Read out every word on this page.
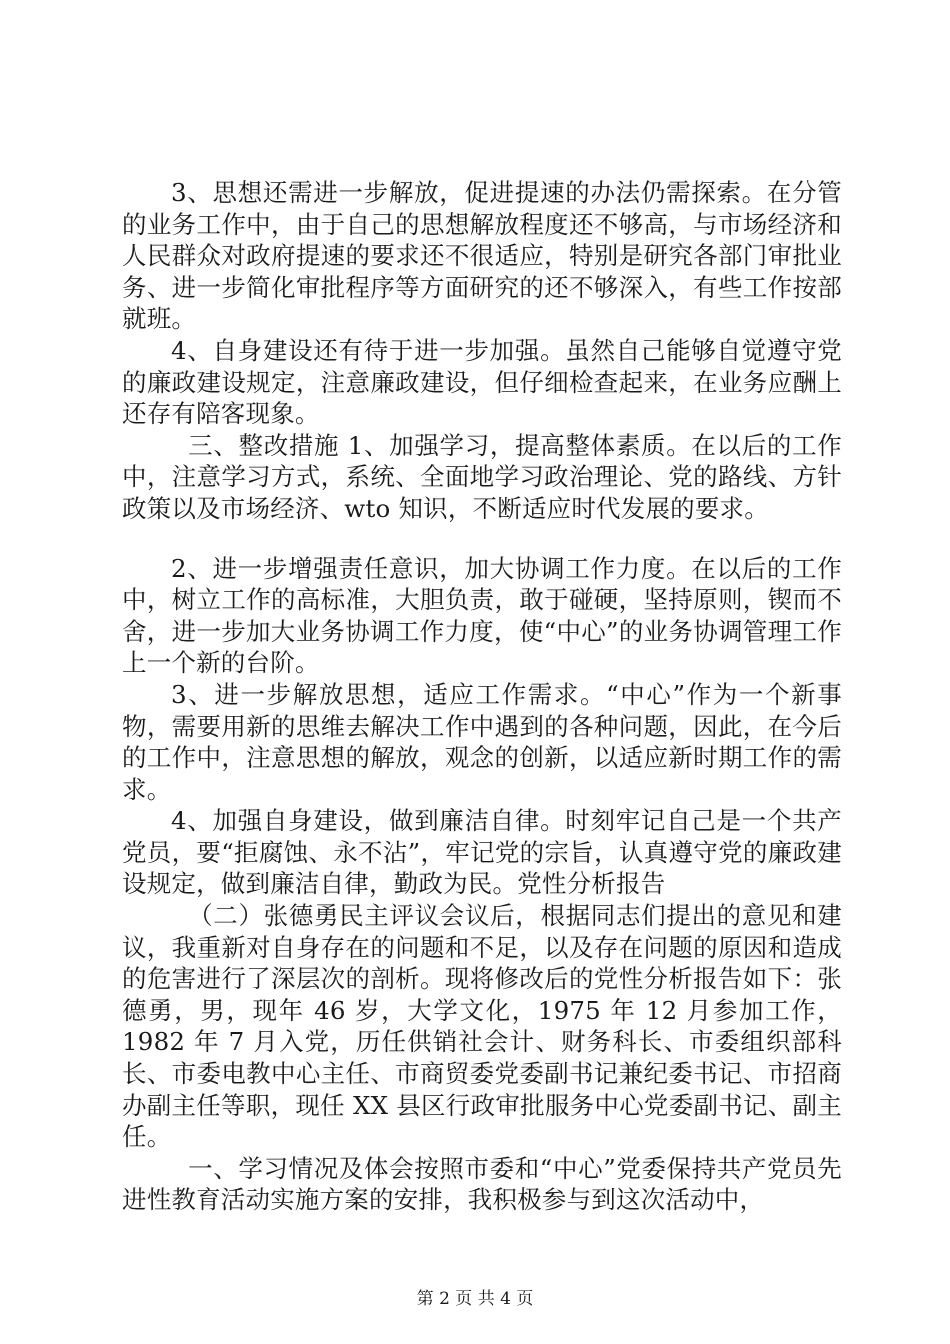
3、思想还需进一步解放，促进提速的办法仍需探索。在分管的业务工作中，由于自己的思想解放程度还不够高，与市场经济和人民群众对政府提速的要求还不很适应，特别是研究各部门审批业务、进一步简化审批程序等方面研究的还不够深入，有些工作按部就班。

4、自身建设还有待于进一步加强。虽然自己能够自觉遵守党的廉政建设规定，注意廉政建设，但仔细检查起来，在业务应酬上还存有陪客现象。

三、整改措施 1、加强学习，提高整体素质。在以后的工作中，注意学习方式，系统、全面地学习政治理论、党的路线、方针政策以及市场经济、wto 知识，不断适应时代发展的要求。

2、进一步增强责任意识，加大协调工作力度。在以后的工作中，树立工作的高标准，大胆负责，敢于碰硬，坚持原则，锲而不舍，进一步加大业务协调工作力度，使“中心”的业务协调管理工作上一个新的台阶。

3、进一步解放思想，适应工作需求。“中心”作为一个新事物，需要用新的思维去解决工作中遇到的各种问题，因此，在今后的工作中，注意思想的解放，观念的创新，以适应新时期工作的需求。

4、加强自身建设，做到廉洁自律。时刻牢记自己是一个共产党员，要“拒腐蚀、永不沾”，牢记党的宗旨，认真遵守党的廉政建设规定，做到廉洁自律，勤政为民。党性分析报告

（二）张德勇民主评议会议后，根据同志们提出的意见和建议，我重新对自身存在的问题和不足，以及存在问题的原因和造成的危害进行了深层次的剖析。现将修改后的党性分析报告如下：张德勇，男，现年 46 岁，大学文化，1975 年 12 月参加工作，1982 年 7 月入党，历任供销社会计、财务科长、市委组织部科长、市委电教中心主任、市商贸委党委副书记兼纪委书记、市招商办副主任等职，现任 XX 县区行政审批服务中心党委副书记、副主任。

一、学习情况及体会按照市委和“中心”党委保持共产党员先进性教育活动实施方案的安排，我积极参与到这次活动中，

第 2 页 共 4 页
